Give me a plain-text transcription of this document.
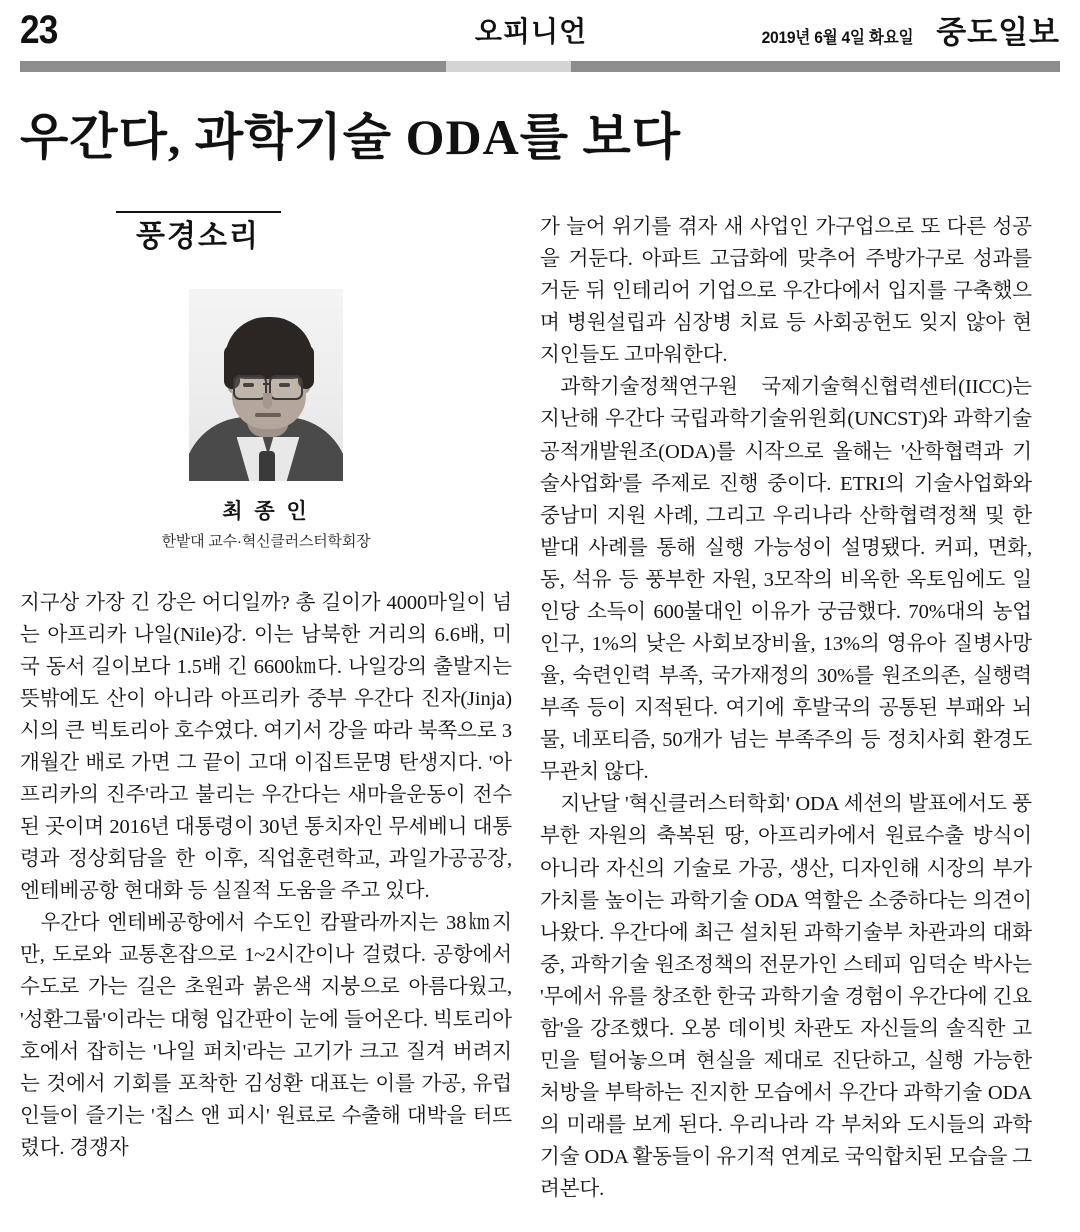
23	오피니언	2019년 6월 4일 화요일 중도일보
우간다, 과학기술 ODA를 보다
풍경소리
최 종 인
한밭대 교수·혁신클러스터학회장

지구상 가장 긴 강은 어디일까? 총 길이가 4000마일이 넘는 아프리카 나일(Nile)강. 이는 남북한 거리의 6.6배, 미국 동서 길이보다 1.5배 긴 6600㎞다. 나일강의 출발지는 뜻밖에도 산이 아니라 아프리카 중부 우간다 진자(Jinja)시의 큰 빅토리아 호수였다. 여기서 강을 따라 북쪽으로 3개월간 배로 가면 그 끝이 고대 이집트문명 탄생지다. '아프리카의 진주'라고 불리는 우간다는 새마을운동이 전수된 곳이며 2016년 대통령이 30년 통치자인 무세베니 대통령과 정상회담을 한 이후, 직업훈련학교, 과일가공공장, 엔테베공항 현대화 등 실질적 도움을 주고 있다.

우간다 엔테베공항에서 수도인 캄팔라까지는 38㎞지만, 도로와 교통혼잡으로 1~2시간이나 걸렸다. 공항에서 수도로 가는 길은 초원과 붉은색 지붕으로 아름다웠고, '성환그룹'이라는 대형 입간판이 눈에 들어온다. 빅토리아호에서 잡히는 '나일 퍼치'라는 고기가 크고 질겨 버려지는 것에서 기회를 포착한 김성환 대표는 이를 가공, 유럽인들이 즐기는 '칩스 앤 피시' 원료로 수출해 대박을 터뜨렸다. 경쟁자

가 늘어 위기를 겪자 새 사업인 가구업으로 또 다른 성공을 거둔다. 아파트 고급화에 맞추어 주방가구로 성과를 거둔 뒤 인테리어 기업으로 우간다에서 입지를 구축했으며 병원설립과 심장병 치료 등 사회공헌도 잊지 않아 현지인들도 고마워한다.

과학기술정책연구원 국제기술혁신협력센터(IICC)는 지난해 우간다 국립과학기술위원회(UNCST)와 과학기술 공적개발원조(ODA)를 시작으로 올해는 '산학협력과 기술사업화'를 주제로 진행 중이다. ETRI의 기술사업화와 중남미 지원 사례, 그리고 우리나라 산학협력정책 및 한밭대 사례를 통해 실행 가능성이 설명됐다. 커피, 면화, 동, 석유 등 풍부한 자원, 3모작의 비옥한 옥토임에도 일인당 소득이 600불대인 이유가 궁금했다. 70%대의 농업인구, 1%의 낮은 사회보장비율, 13%의 영유아 질병사망율, 숙련인력 부족, 국가재정의 30%를 원조의존, 실행력 부족 등이 지적된다. 여기에 후발국의 공통된 부패와 뇌물, 네포티즘, 50개가 넘는 부족주의 등 정치사회 환경도 무관치 않다.

지난달 '혁신클러스터학회' ODA 세션의 발표에서도 풍부한 자원의 축복된 땅, 아프리카에서 원료수출 방식이 아니라 자신의 기술로 가공, 생산, 디자인해 시장의 부가가치를 높이는 과학기술 ODA 역할은 소중하다는 의견이 나왔다. 우간다에 최근 설치된 과학기술부 차관과의 대화 중, 과학기술 원조정책의 전문가인 스테피 임덕순 박사는 '무에서 유를 창조한 한국 과학기술 경험이 우간다에 긴요함'을 강조했다. 오봉 데이빗 차관도 자신들의 솔직한 고민을 털어놓으며 현실을 제대로 진단하고, 실행 가능한 처방을 부탁하는 진지한 모습에서 우간다 과학기술 ODA의 미래를 보게 된다. 우리나라 각 부처와 도시들의 과학기술 ODA 활동들이 유기적 연계로 국익합치된 모습을 그려본다.
